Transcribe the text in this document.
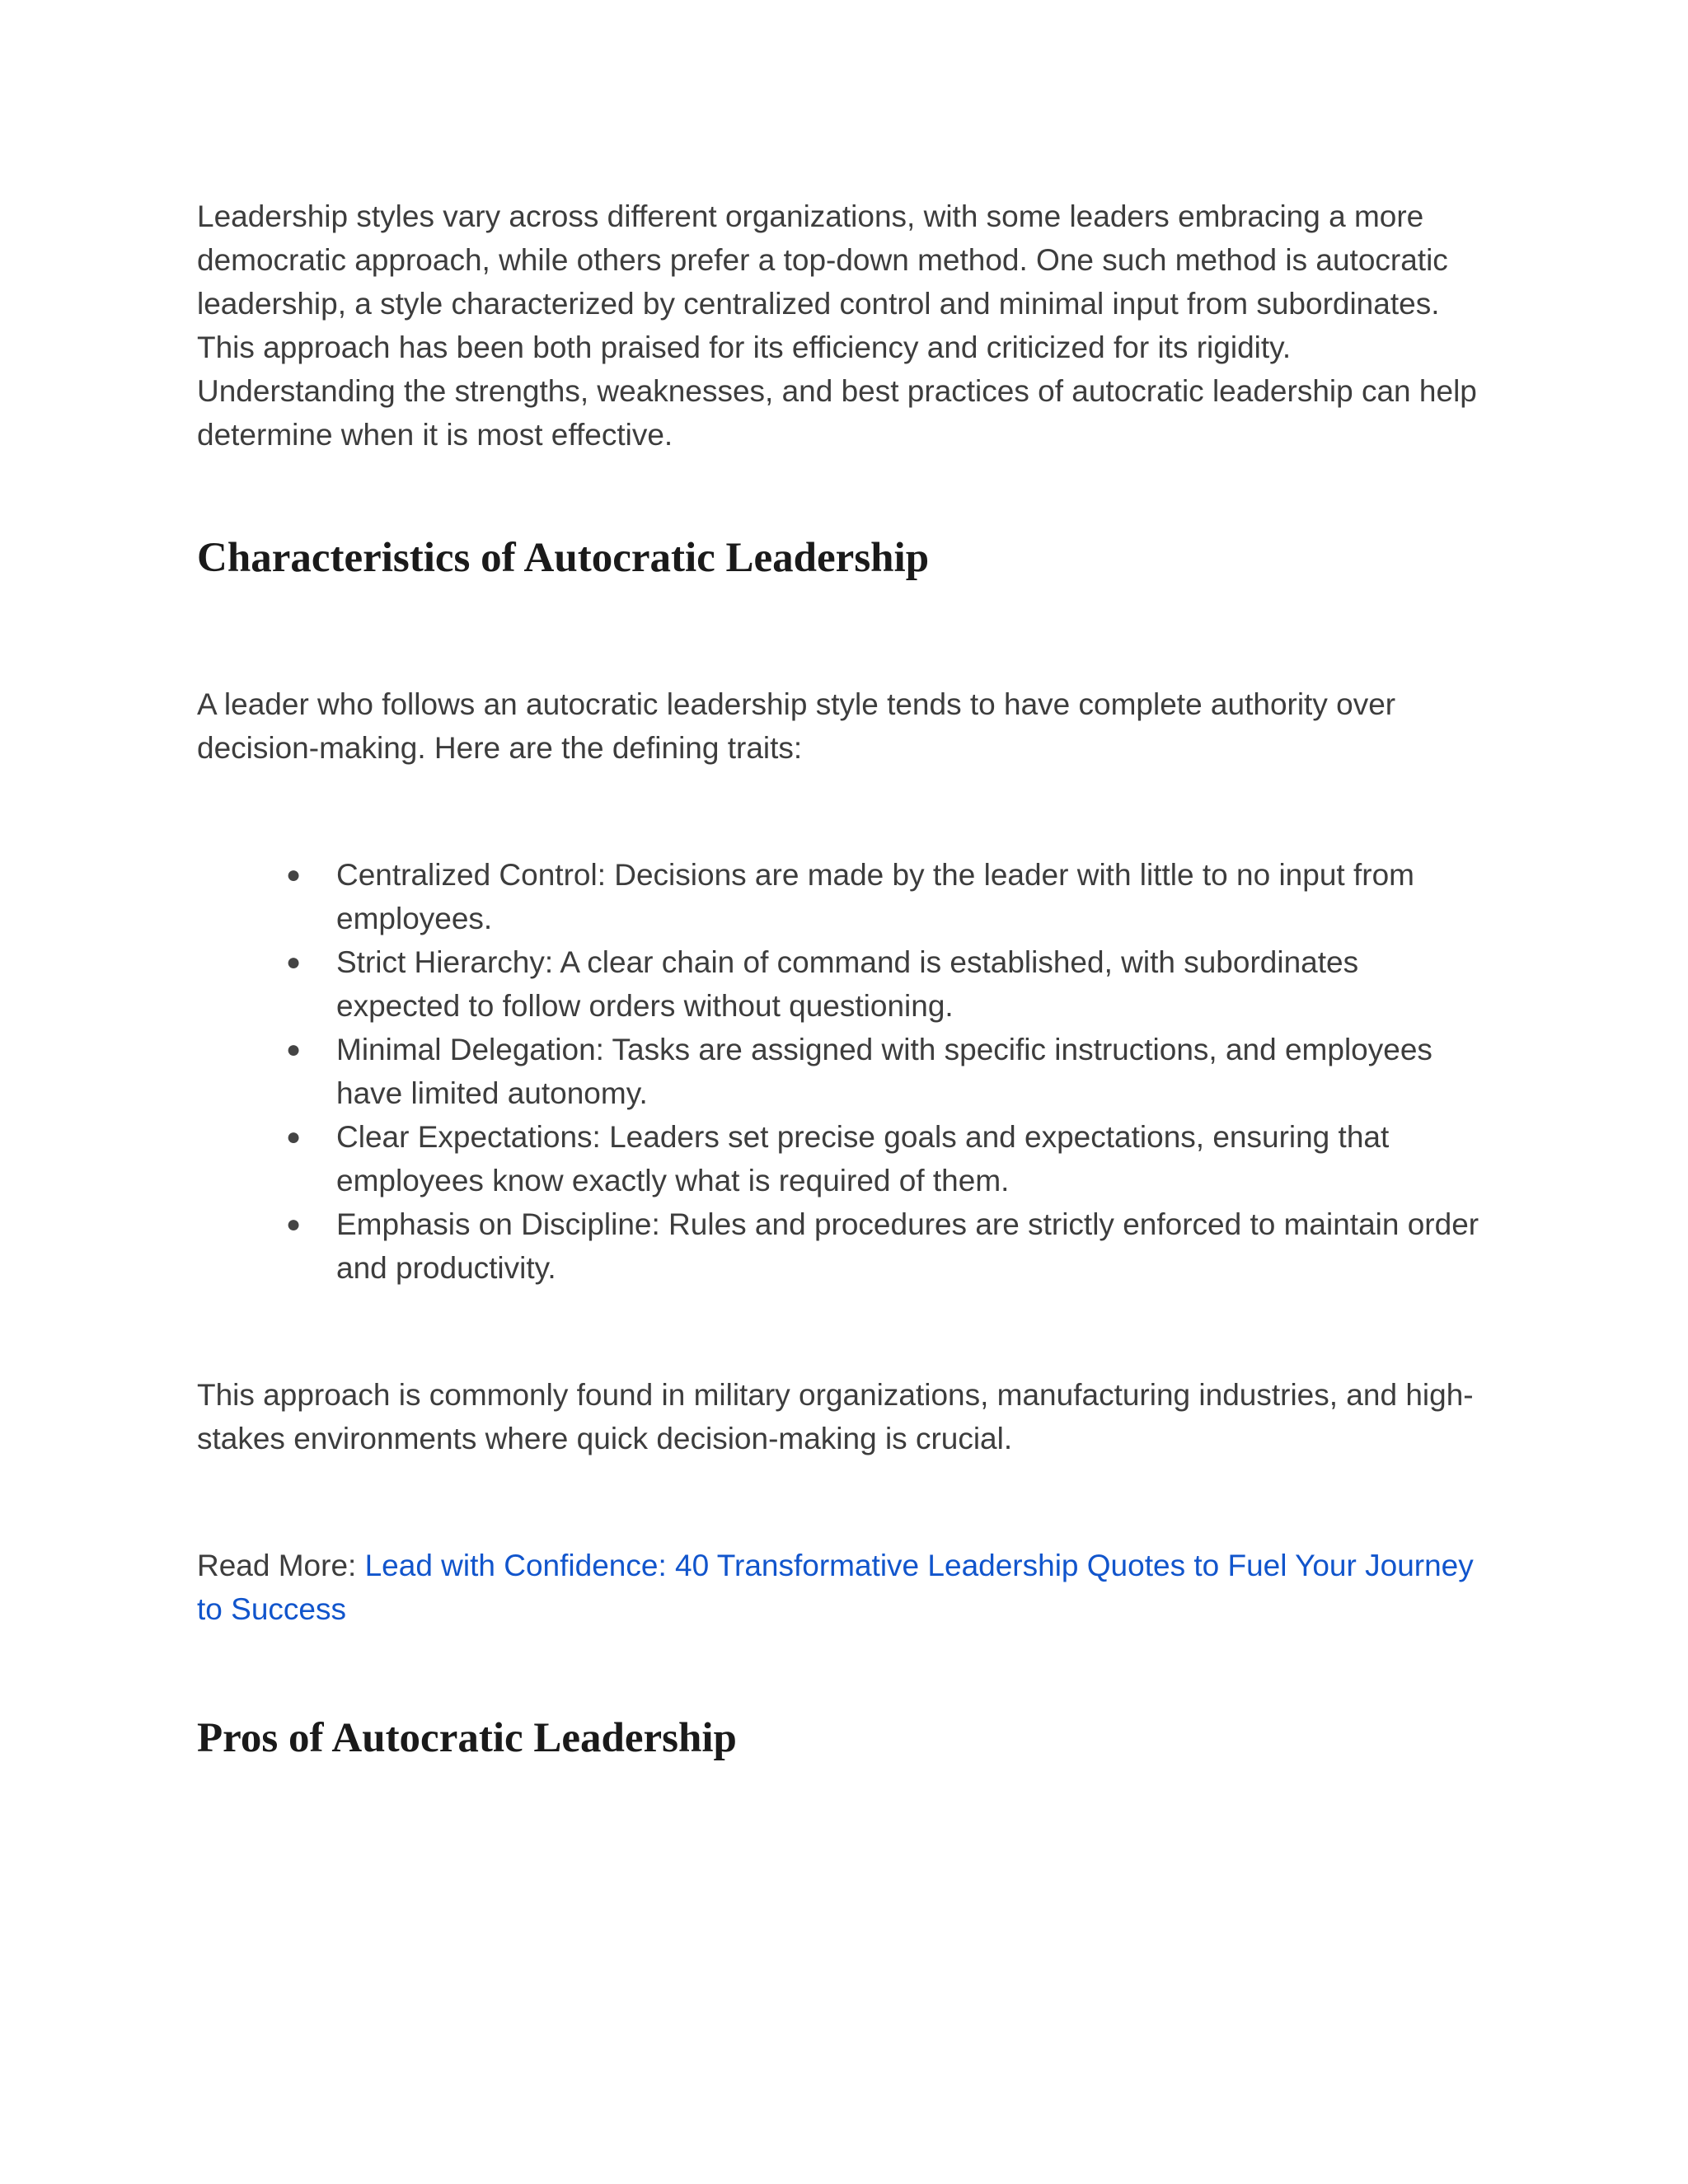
Leadership styles vary across different organizations, with some leaders embracing a more democratic approach, while others prefer a top-down method. One such method is autocratic leadership, a style characterized by centralized control and minimal input from subordinates. This approach has been both praised for its efficiency and criticized for its rigidity. Understanding the strengths, weaknesses, and best practices of autocratic leadership can help determine when it is most effective.

Characteristics of Autocratic Leadership

A leader who follows an autocratic leadership style tends to have complete authority over decision-making. Here are the defining traits:

●	Centralized Control: Decisions are made by the leader with little to no input from employees.
●	Strict Hierarchy: A clear chain of command is established, with subordinates expected to follow orders without questioning.
●	Minimal Delegation: Tasks are assigned with specific instructions, and employees have limited autonomy.
●	Clear Expectations: Leaders set precise goals and expectations, ensuring that employees know exactly what is required of them.
●	Emphasis on Discipline: Rules and procedures are strictly enforced to maintain order and productivity.

This approach is commonly found in military organizations, manufacturing industries, and high-stakes environments where quick decision-making is crucial.

Read More: Lead with Confidence: 40 Transformative Leadership Quotes to Fuel Your Journey to Success

Pros of Autocratic Leadership
